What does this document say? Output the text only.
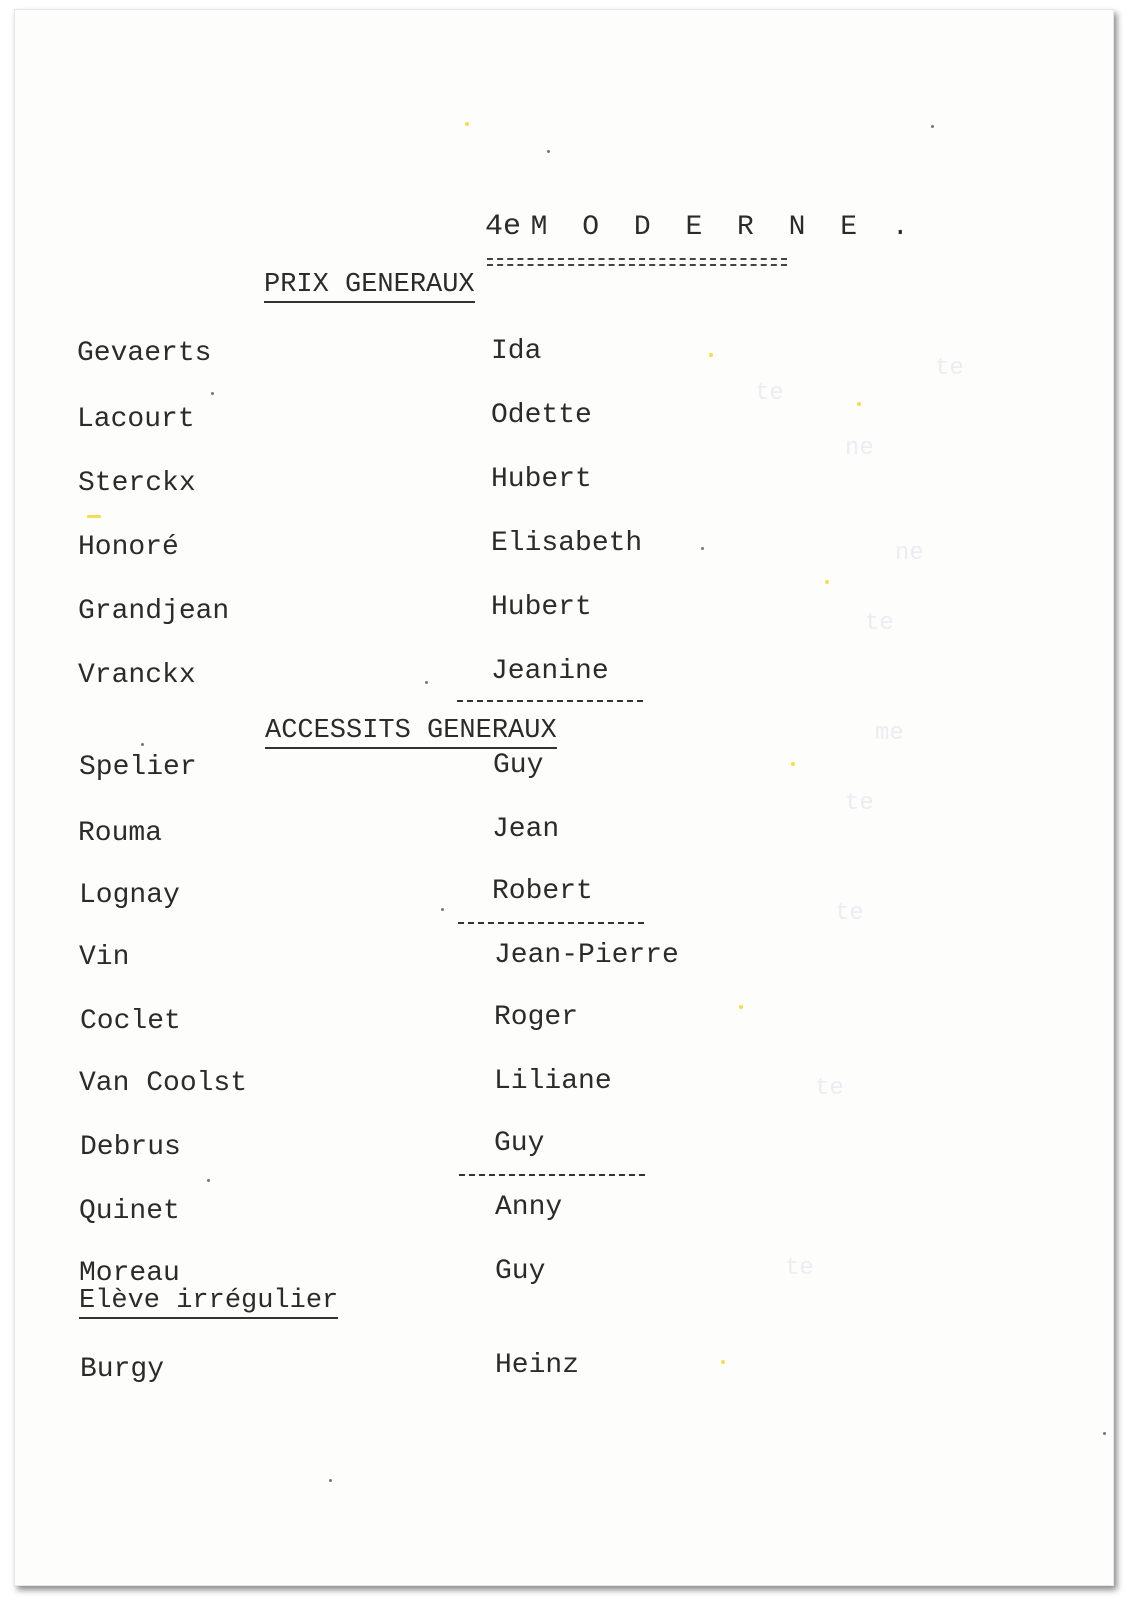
te
te
ne
ne
te
me
te
te
te
te
4e M O D E R N E .
PRIX GENERAUX
Gevaerts	Ida
Lacourt	Odette
Sterckx	Hubert
Honoré	Elisabeth
Grandjean	Hubert
Vranckx	Jeanine
ACCESSITS GENERAUX
Spelier	Guy
Rouma	Jean
Lognay	Robert
Vin	Jean-Pierre
Coclet	Roger
Van Coolst	Liliane
Debrus	Guy
Quinet	Anny
Moreau	Guy
Elève irrégulier
Burgy	Heinz
